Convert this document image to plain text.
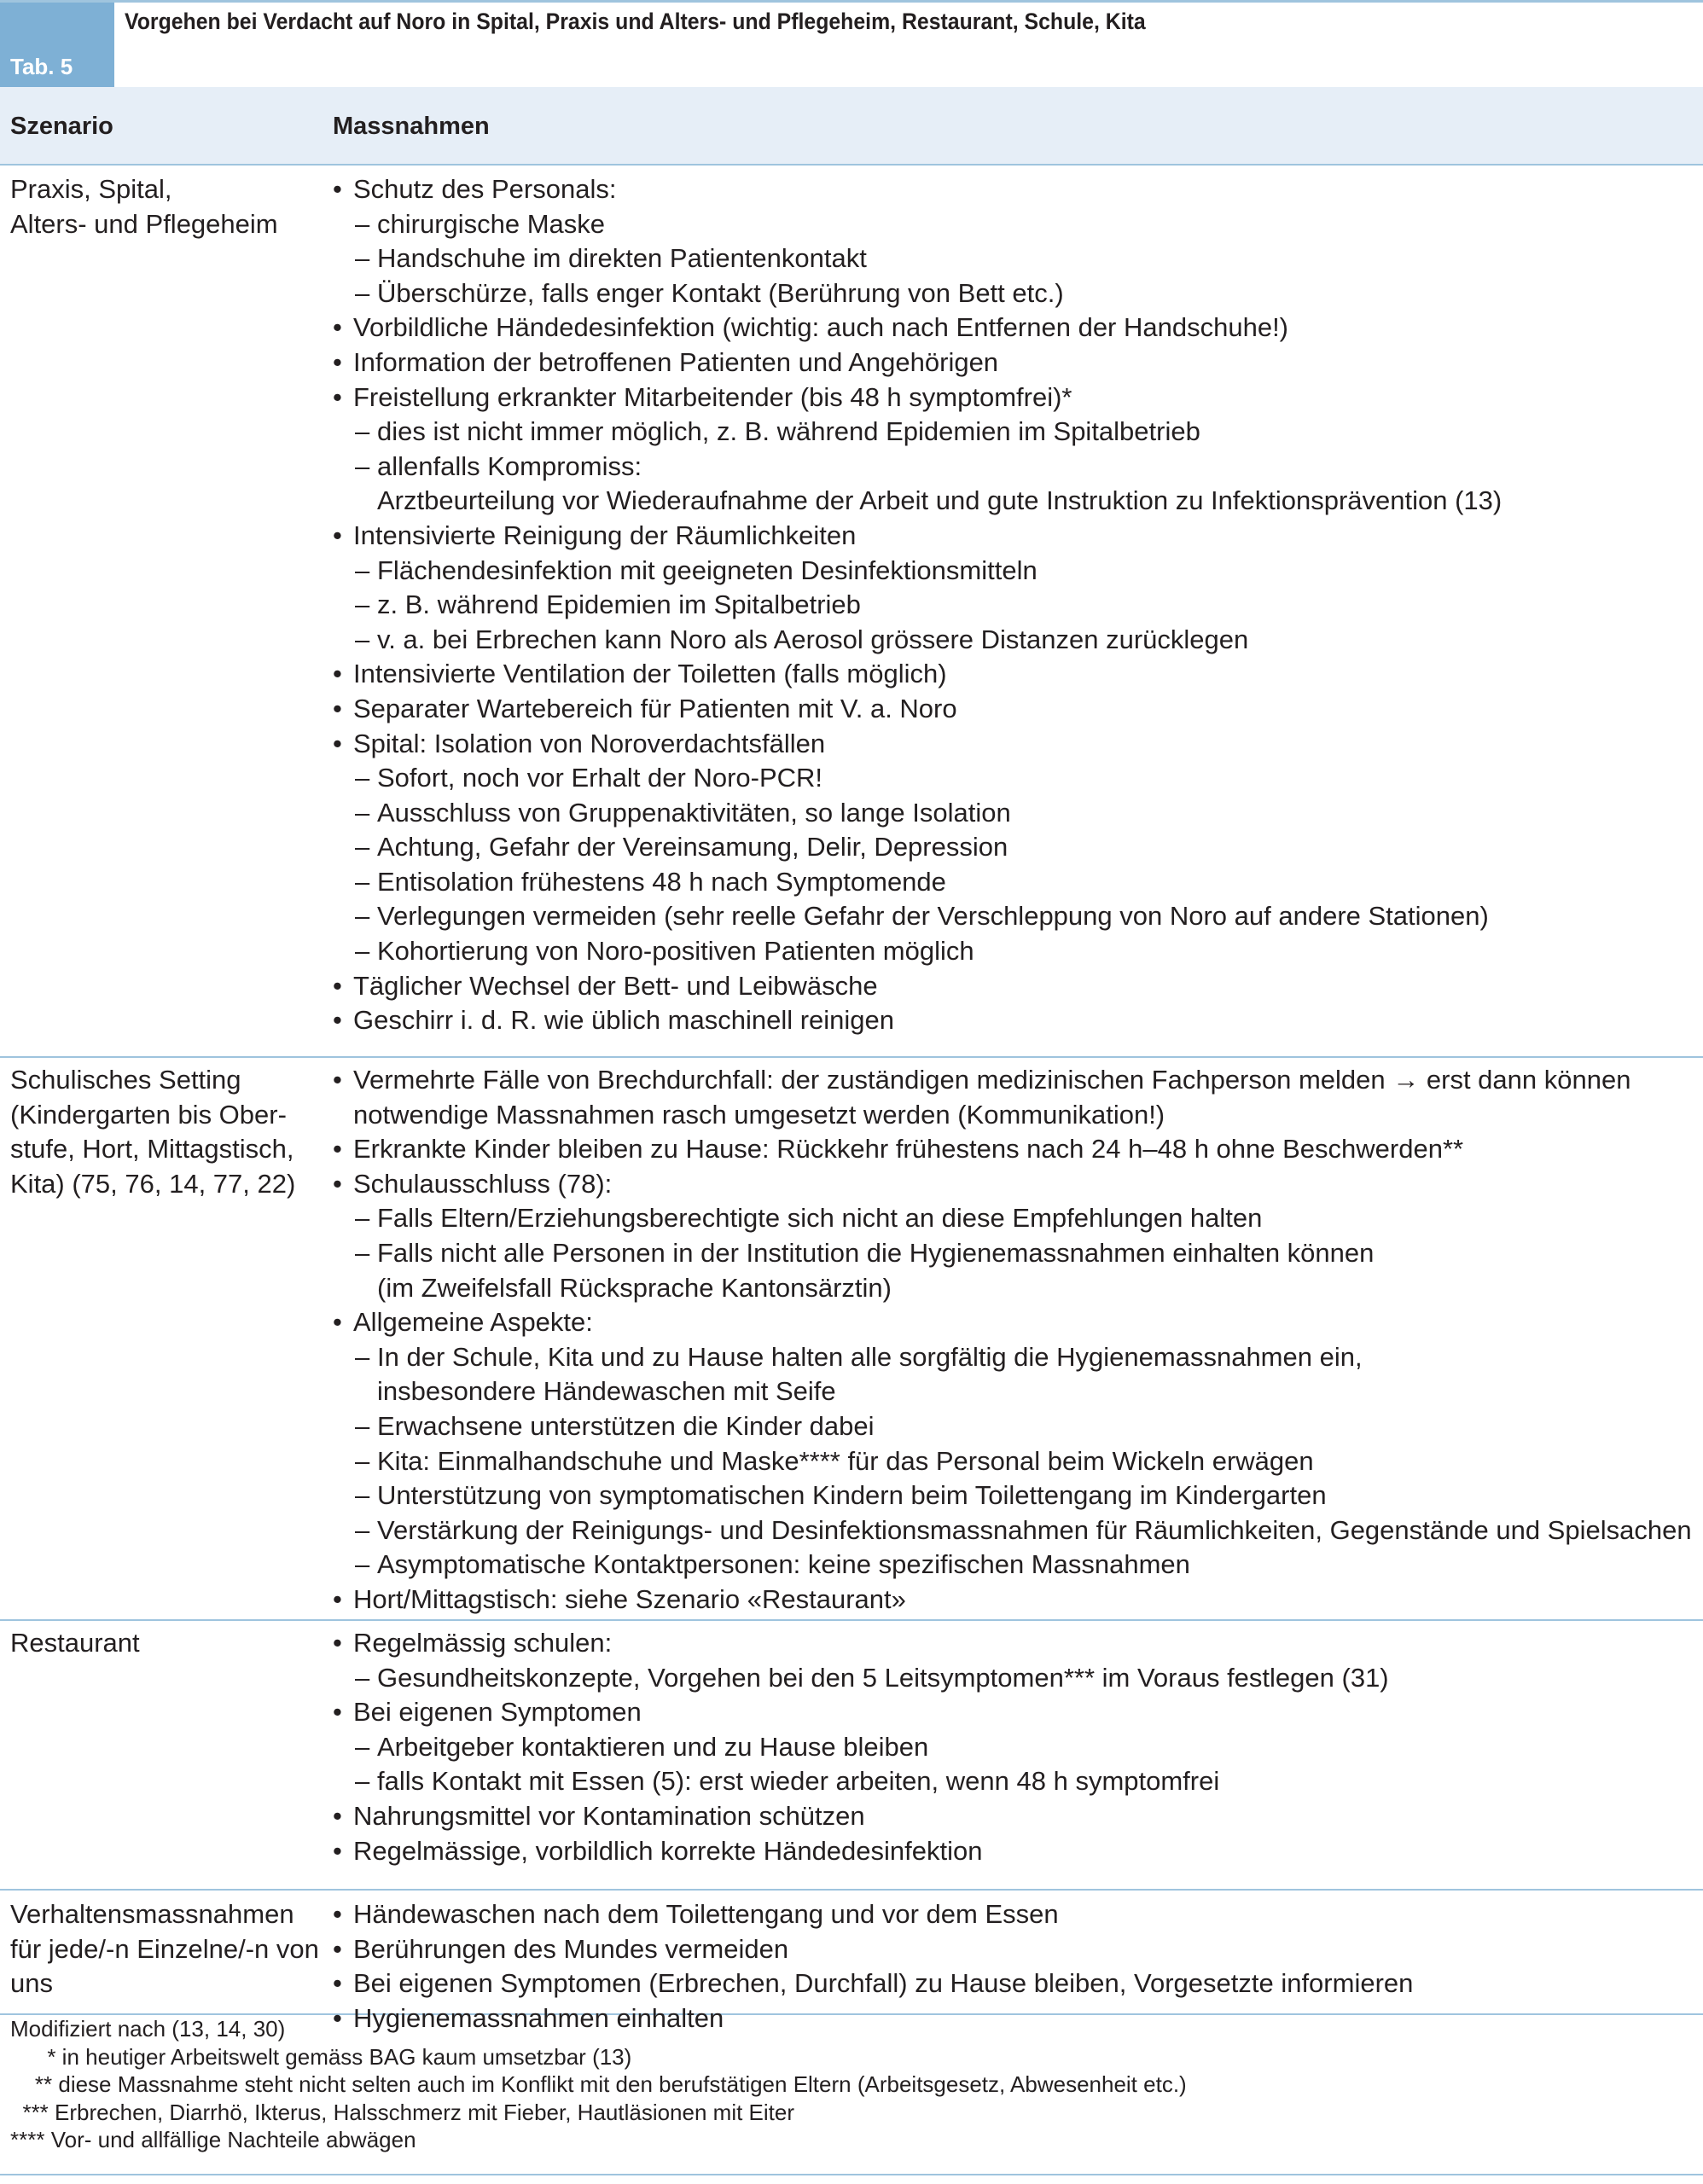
Tab. 5
Vorgehen bei Verdacht auf Noro in Spital, Praxis und Alters- und Pflegeheim, Restaurant, Schule, Kita
Szenario	Massnahmen
Praxis, Spital,
Alters- und Pflegeheim
• Schutz des Personals:
– chirurgische Maske
– Handschuhe im direkten Patientenkontakt
– Überschürze, falls enger Kontakt (Berührung von Bett etc.)
• Vorbildliche Händedesinfektion (wichtig: auch nach Entfernen der Handschuhe!)
• Information der betroffenen Patienten und Angehörigen
• Freistellung erkrankter Mitarbeitender (bis 48 h symptomfrei)*
– dies ist nicht immer möglich, z. B. während Epidemien im Spitalbetrieb
– allenfalls Kompromiss:
Arztbeurteilung vor Wiederaufnahme der Arbeit und gute Instruktion zu Infektionsprävention (13)
• Intensivierte Reinigung der Räumlichkeiten
– Flächendesinfektion mit geeigneten Desinfektionsmitteln
– z. B. während Epidemien im Spitalbetrieb
– v. a. bei Erbrechen kann Noro als Aerosol grössere Distanzen zurücklegen
• Intensivierte Ventilation der Toiletten (falls möglich)
• Separater Wartebereich für Patienten mit V. a. Noro
• Spital: Isolation von Noroverdachtsfällen
– Sofort, noch vor Erhalt der Noro-PCR!
– Ausschluss von Gruppenaktivitäten, so lange Isolation
– Achtung, Gefahr der Vereinsamung, Delir, Depression
– Entisolation frühestens 48 h nach Symptomende
– Verlegungen vermeiden (sehr reelle Gefahr der Verschleppung von Noro auf andere Stationen)
– Kohortierung von Noro-positiven Patienten möglich
• Täglicher Wechsel der Bett- und Leibwäsche
• Geschirr i. d. R. wie üblich maschinell reinigen
Schulisches Setting
(Kindergarten bis Ober-
stufe, Hort, Mittagstisch,
Kita) (75, 76, 14, 77, 22)
• Vermehrte Fälle von Brechdurchfall: der zuständigen medizinischen Fachperson melden → erst dann können
notwendige Massnahmen rasch umgesetzt werden (Kommunikation!)
• Erkrankte Kinder bleiben zu Hause: Rückkehr frühestens nach 24 h–48 h ohne Beschwerden**
• Schulausschluss (78):
– Falls Eltern/Erziehungsberechtigte sich nicht an diese Empfehlungen halten
– Falls nicht alle Personen in der Institution die Hygienemassnahmen einhalten können
(im Zweifelsfall Rücksprache Kantonsärztin)
• Allgemeine Aspekte:
– In der Schule, Kita und zu Hause halten alle sorgfältig die Hygienemassnahmen ein,
insbesondere Händewaschen mit Seife
– Erwachsene unterstützen die Kinder dabei
– Kita: Einmalhandschuhe und Maske**** für das Personal beim Wickeln erwägen
– Unterstützung von symptomatischen Kindern beim Toilettengang im Kindergarten
– Verstärkung der Reinigungs- und Desinfektionsmassnahmen für Räumlichkeiten, Gegenstände und Spielsachen
– Asymptomatische Kontaktpersonen: keine spezifischen Massnahmen
• Hort/Mittagstisch: siehe Szenario «Restaurant»
Restaurant	• Regelmässig schulen:
– Gesundheitskonzepte, Vorgehen bei den 5 Leitsymptomen*** im Voraus festlegen (31)
• Bei eigenen Symptomen
– Arbeitgeber kontaktieren und zu Hause bleiben
– falls Kontakt mit Essen (5): erst wieder arbeiten, wenn 48 h symptomfrei
• Nahrungsmittel vor Kontamination schützen
• Regelmässige, vorbildlich korrekte Händedesinfektion
Verhaltensmassnahmen
für jede/-n Einzelne/-n von
uns
• Händewaschen nach dem Toilettengang und vor dem Essen
• Berührungen des Mundes vermeiden
• Bei eigenen Symptomen (Erbrechen, Durchfall) zu Hause bleiben, Vorgesetzte informieren
• Hygienemassnahmen einhalten
Modifiziert nach (13, 14, 30)
* in heutiger Arbeitswelt gemäss BAG kaum umsetzbar (13)
** diese Massnahme steht nicht selten auch im Konflikt mit den berufstätigen Eltern (Arbeitsgesetz, Abwesenheit etc.)
*** Erbrechen, Diarrhö, Ikterus, Halsschmerz mit Fieber, Hautläsionen mit Eiter
**** Vor- und allfällige Nachteile abwägen
